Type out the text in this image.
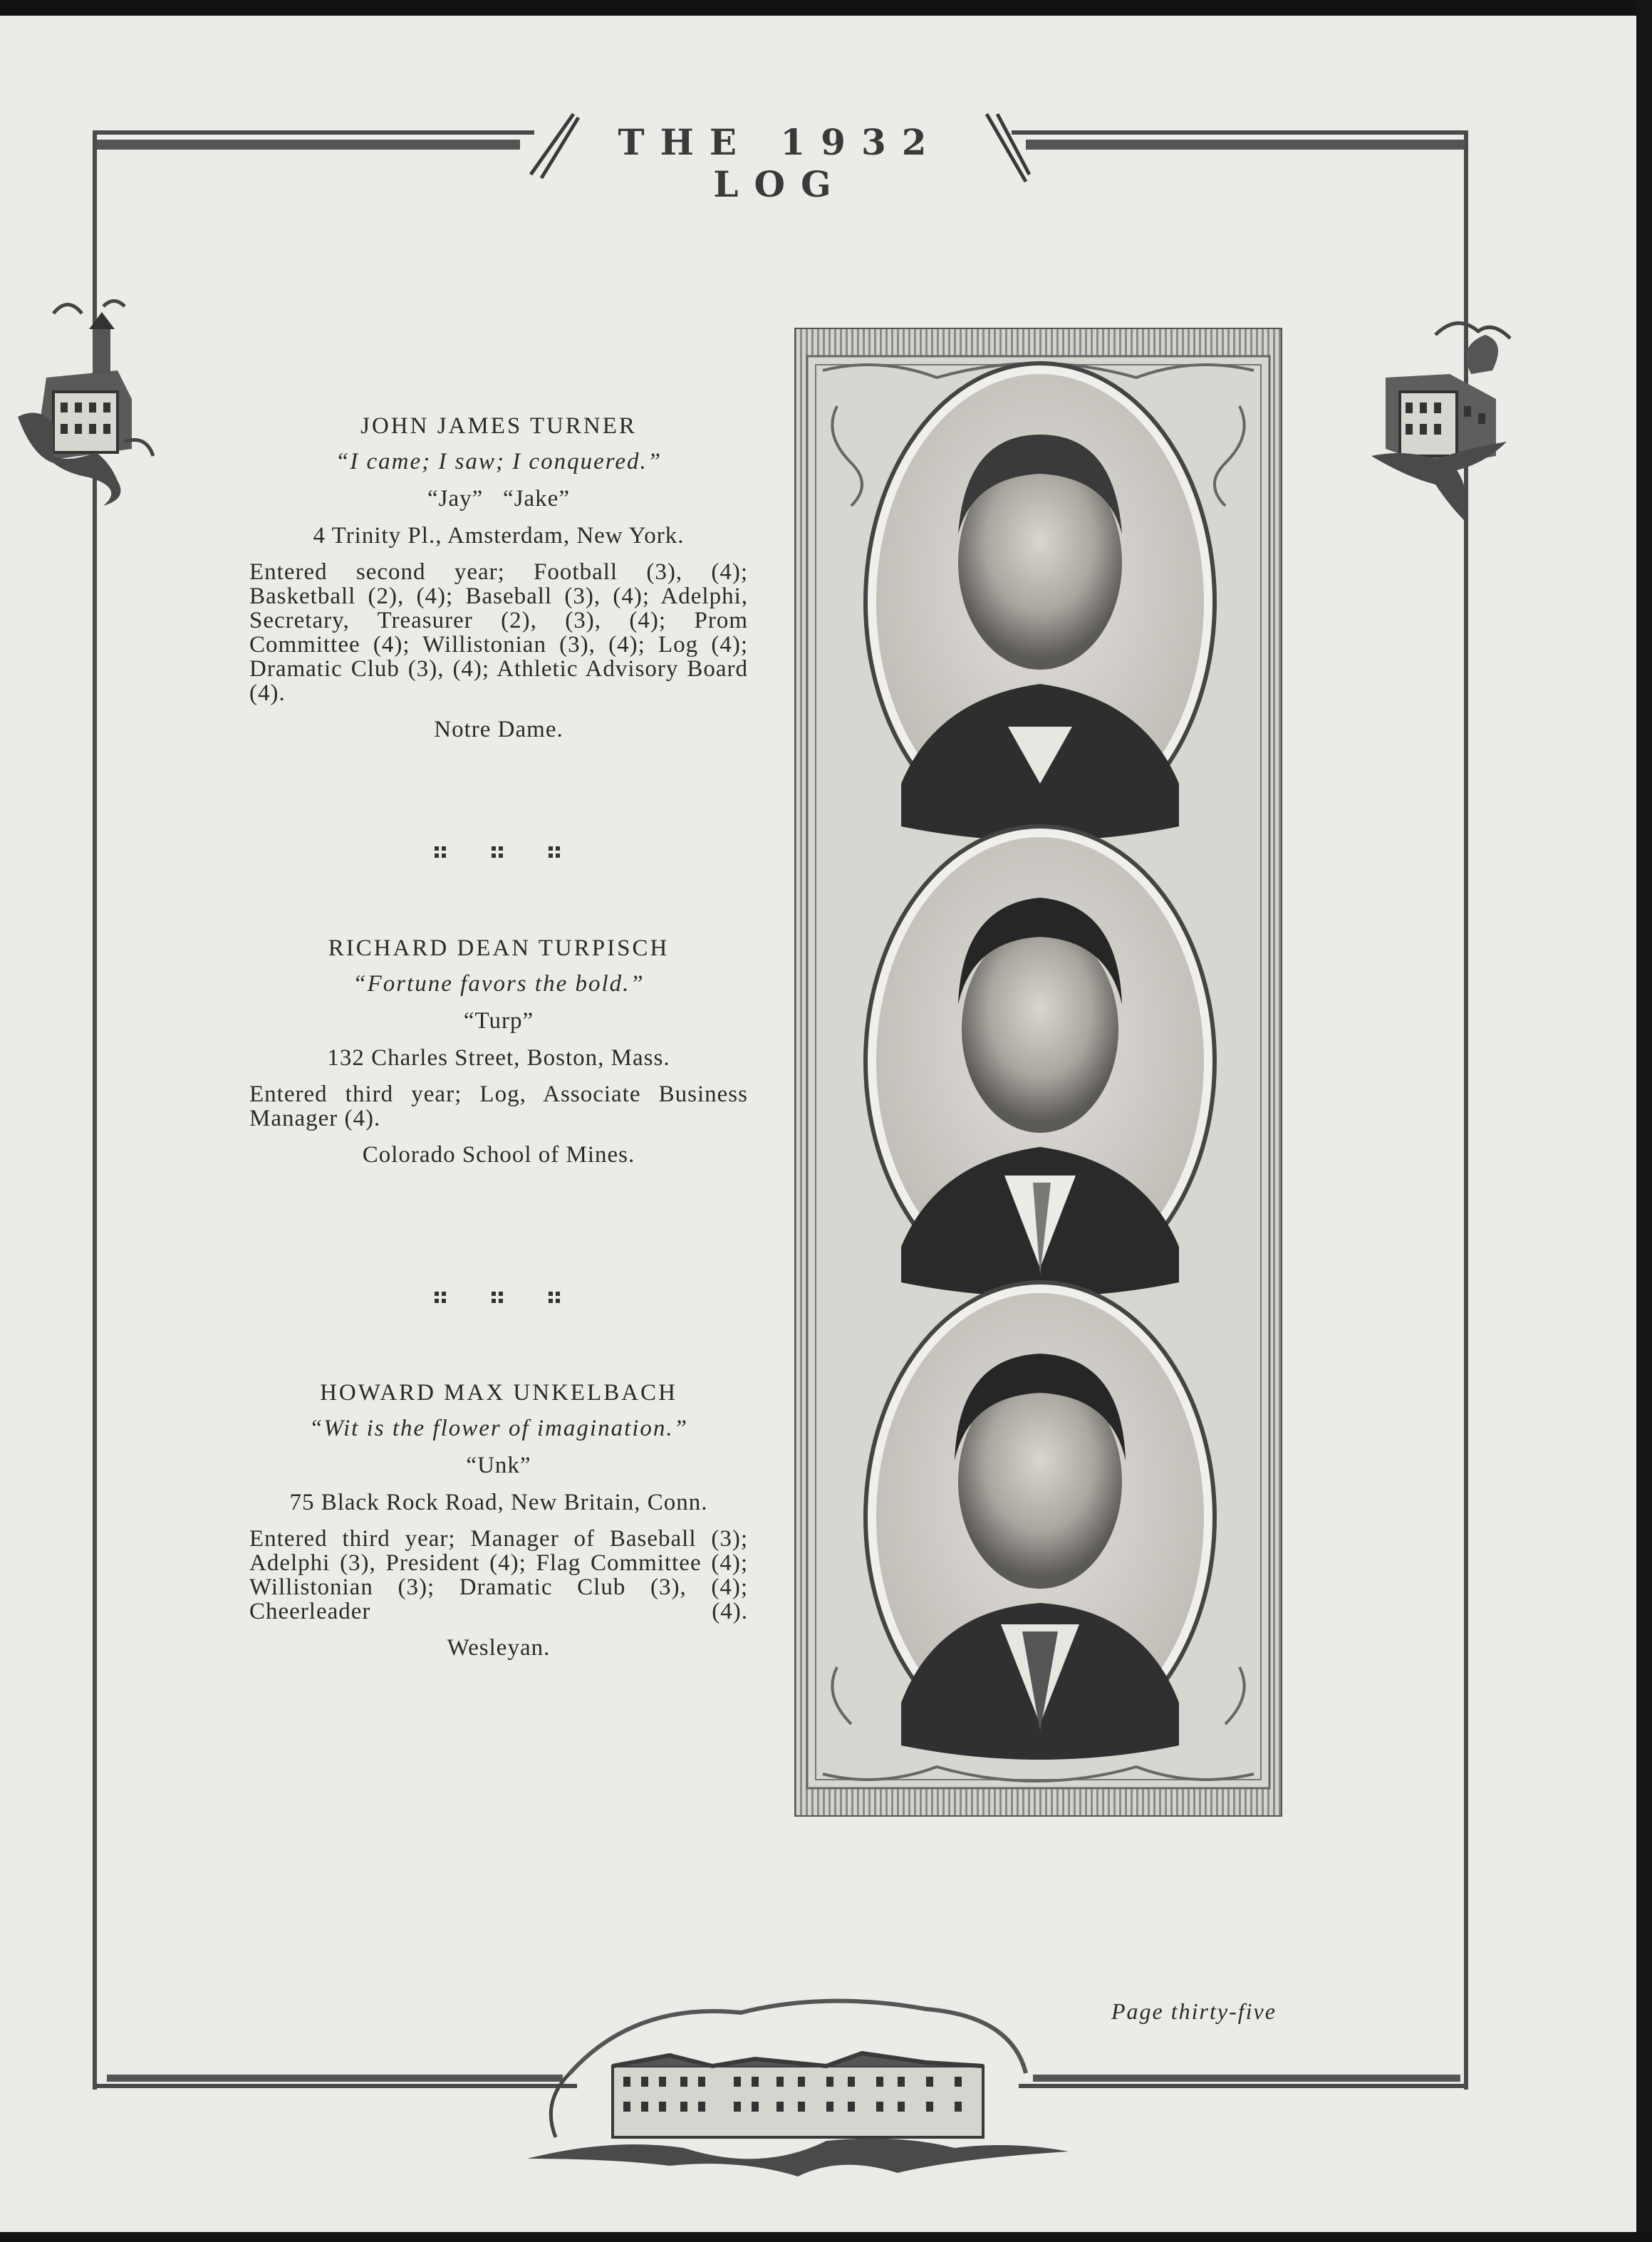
THE 1932 LOG
JOHN JAMES TURNER
“I came; I saw; I conquered.”
“Jay”   “Jake”
4 Trinity Pl., Amsterdam, New York.
Entered second year; Football (3), (4); Basketball (2), (4); Baseball (3), (4); Adelphi, Secretary, Treasurer (2), (3), (4); Prom Committee (4); Willistonian (3), (4); Log (4); Dramatic Club (3), (4); Athletic Advisory Board (4).
Notre Dame.
RICHARD DEAN TURPISCH
“Fortune favors the bold.”
“Turp”
132 Charles Street, Boston, Mass.
Entered third year; Log, Associate Business Manager (4).
Colorado School of Mines.
HOWARD MAX UNKELBACH
“Wit is the flower of imagination.”
“Unk”
75 Black Rock Road, New Britain, Conn.
Entered third year; Manager of Baseball (3); Adelphi (3), President (4); Flag Committee (4); Willistonian (3); Dramatic Club (3), (4); Cheerleader (4).
Wesleyan.
Page thirty-five
